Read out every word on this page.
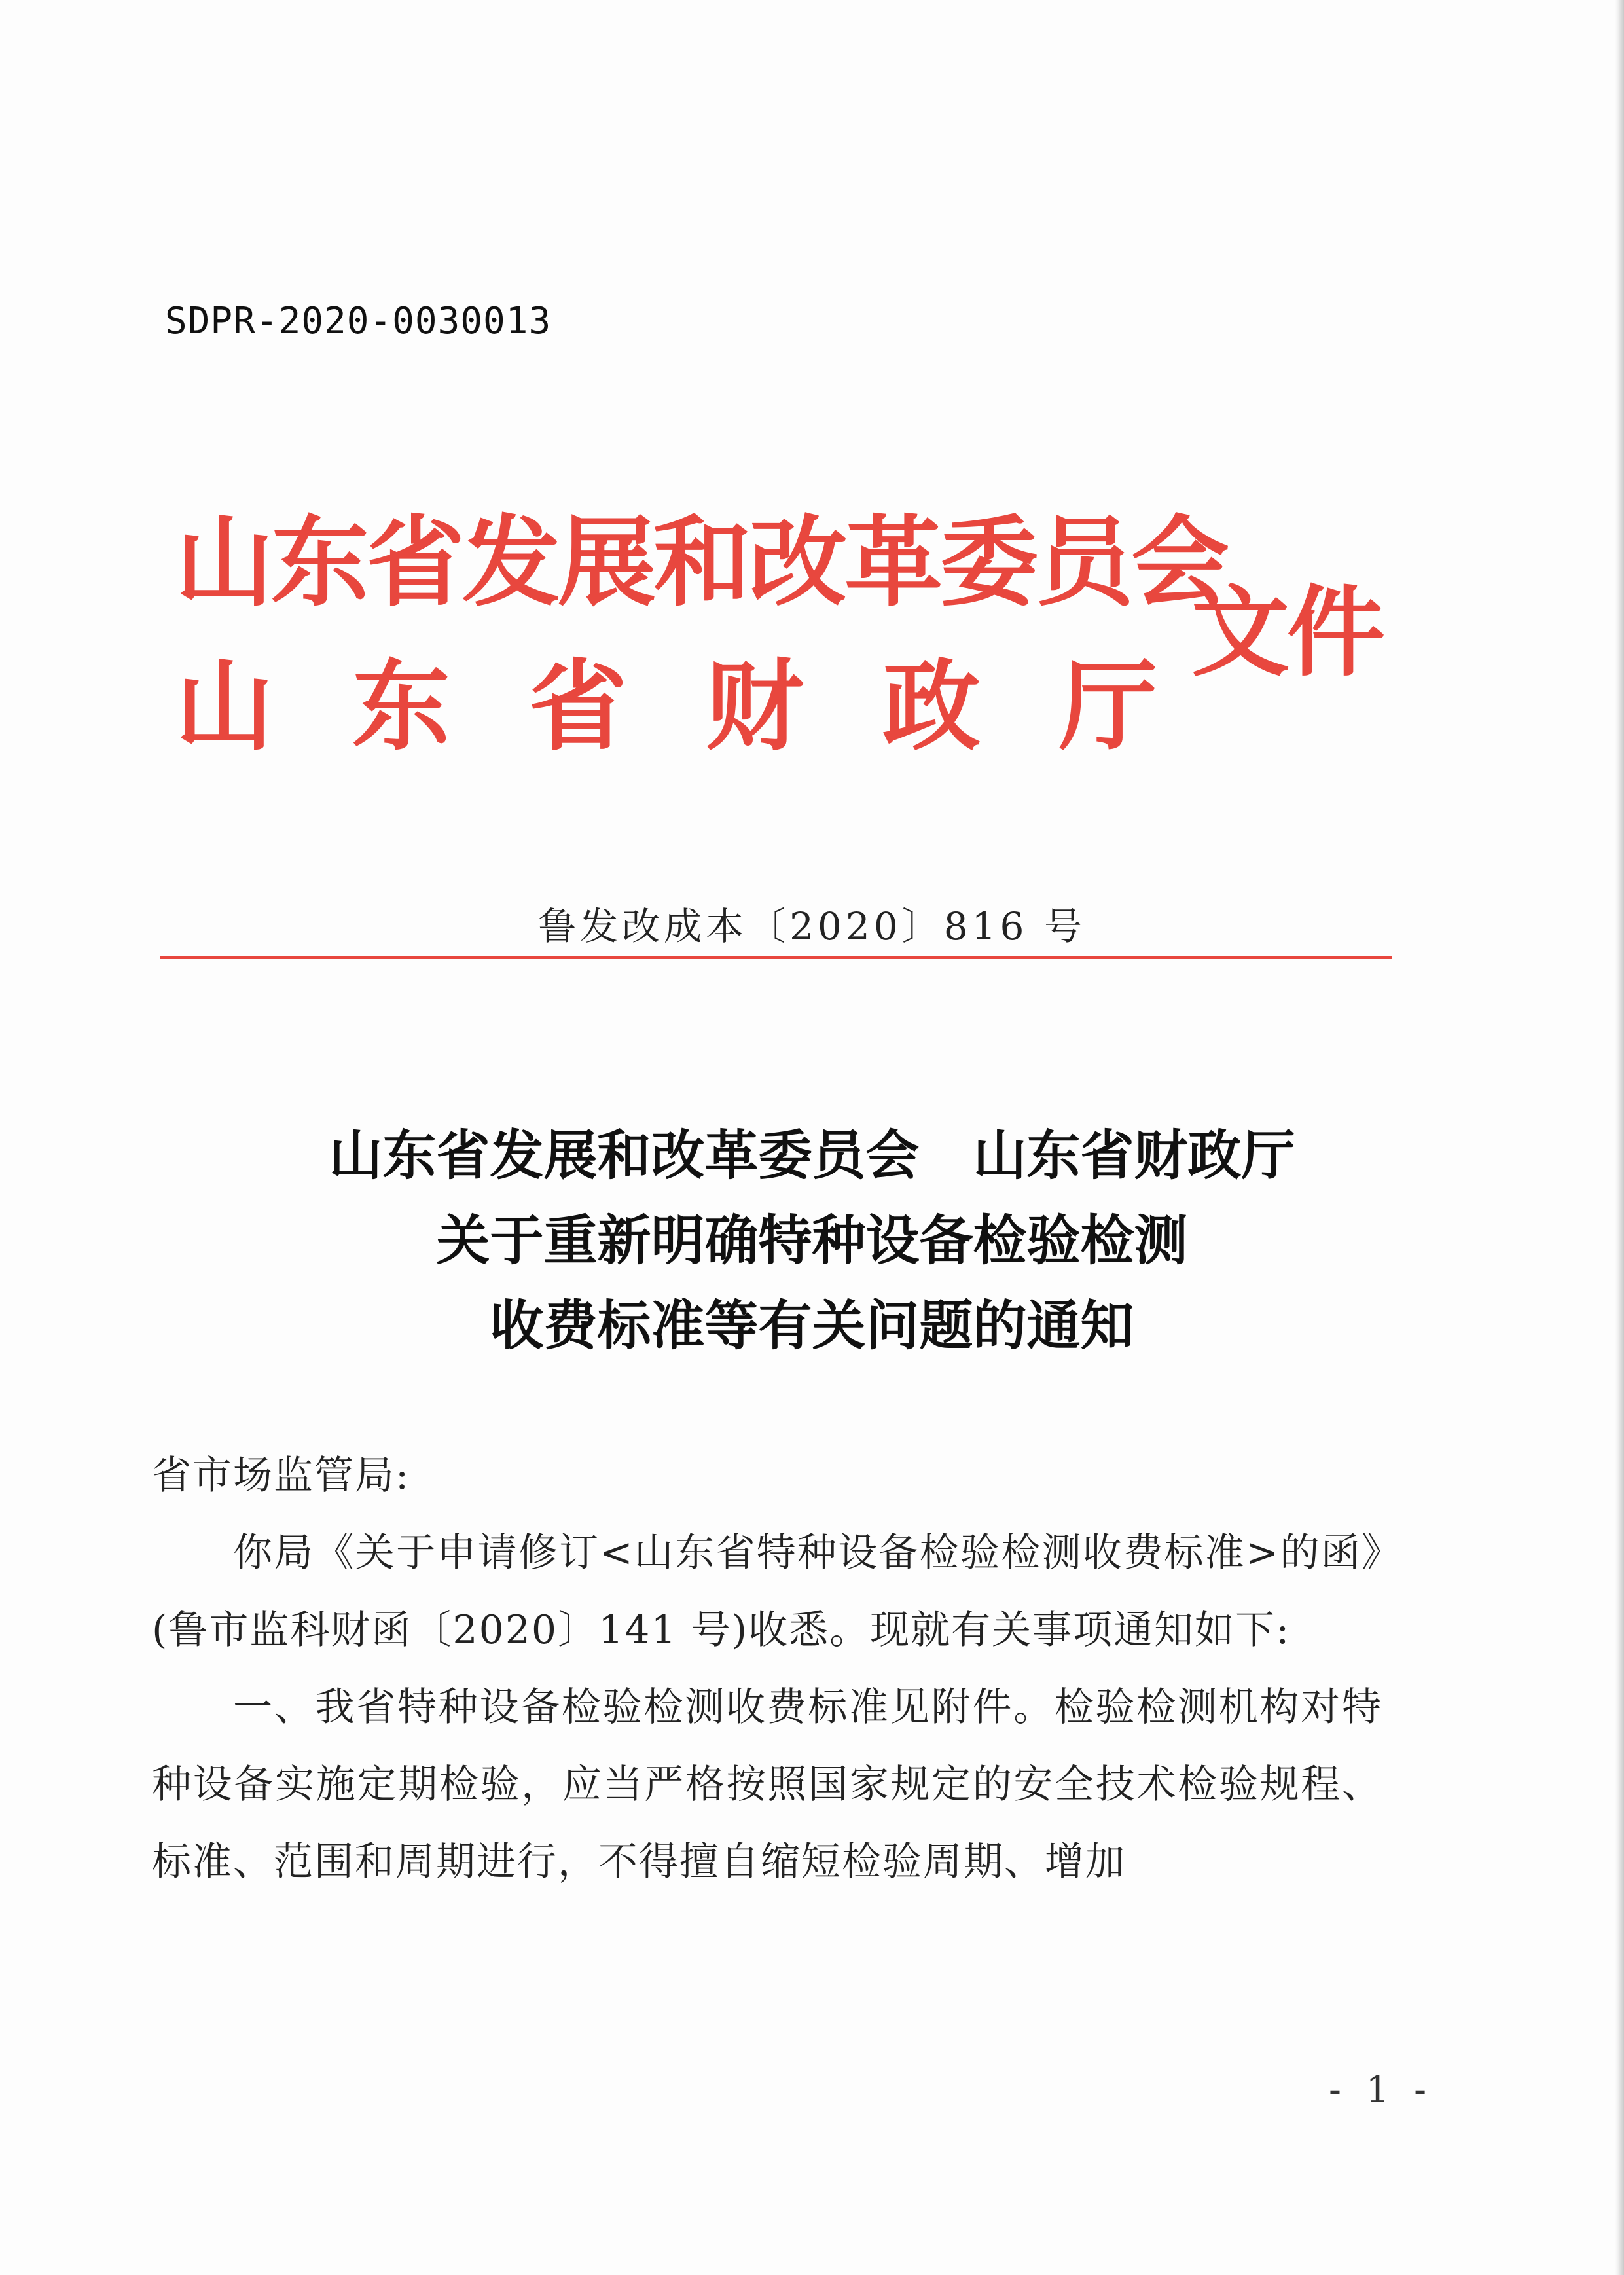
SDPR-2020-0030013
山东省发展和改革委员会
山 东 省 财 政 厅
文件
鲁发改成本〔2020〕816 号
山东省发展和改革委员会　山东省财政厅
关于重新明确特种设备检验检测
收费标准等有关问题的通知

省市场监管局:

你局《关于申请修订<山东省特种设备检验检测收费标准>的函》(鲁市监科财函〔2020〕141 号)收悉。现就有关事项通知如下:

一、我省特种设备检验检测收费标准见附件。检验检测机构对特种设备实施定期检验，应当严格按照国家规定的安全技术检验规程、标准、范围和周期进行，不得擅自缩短检验周期、增加

- 1 -
